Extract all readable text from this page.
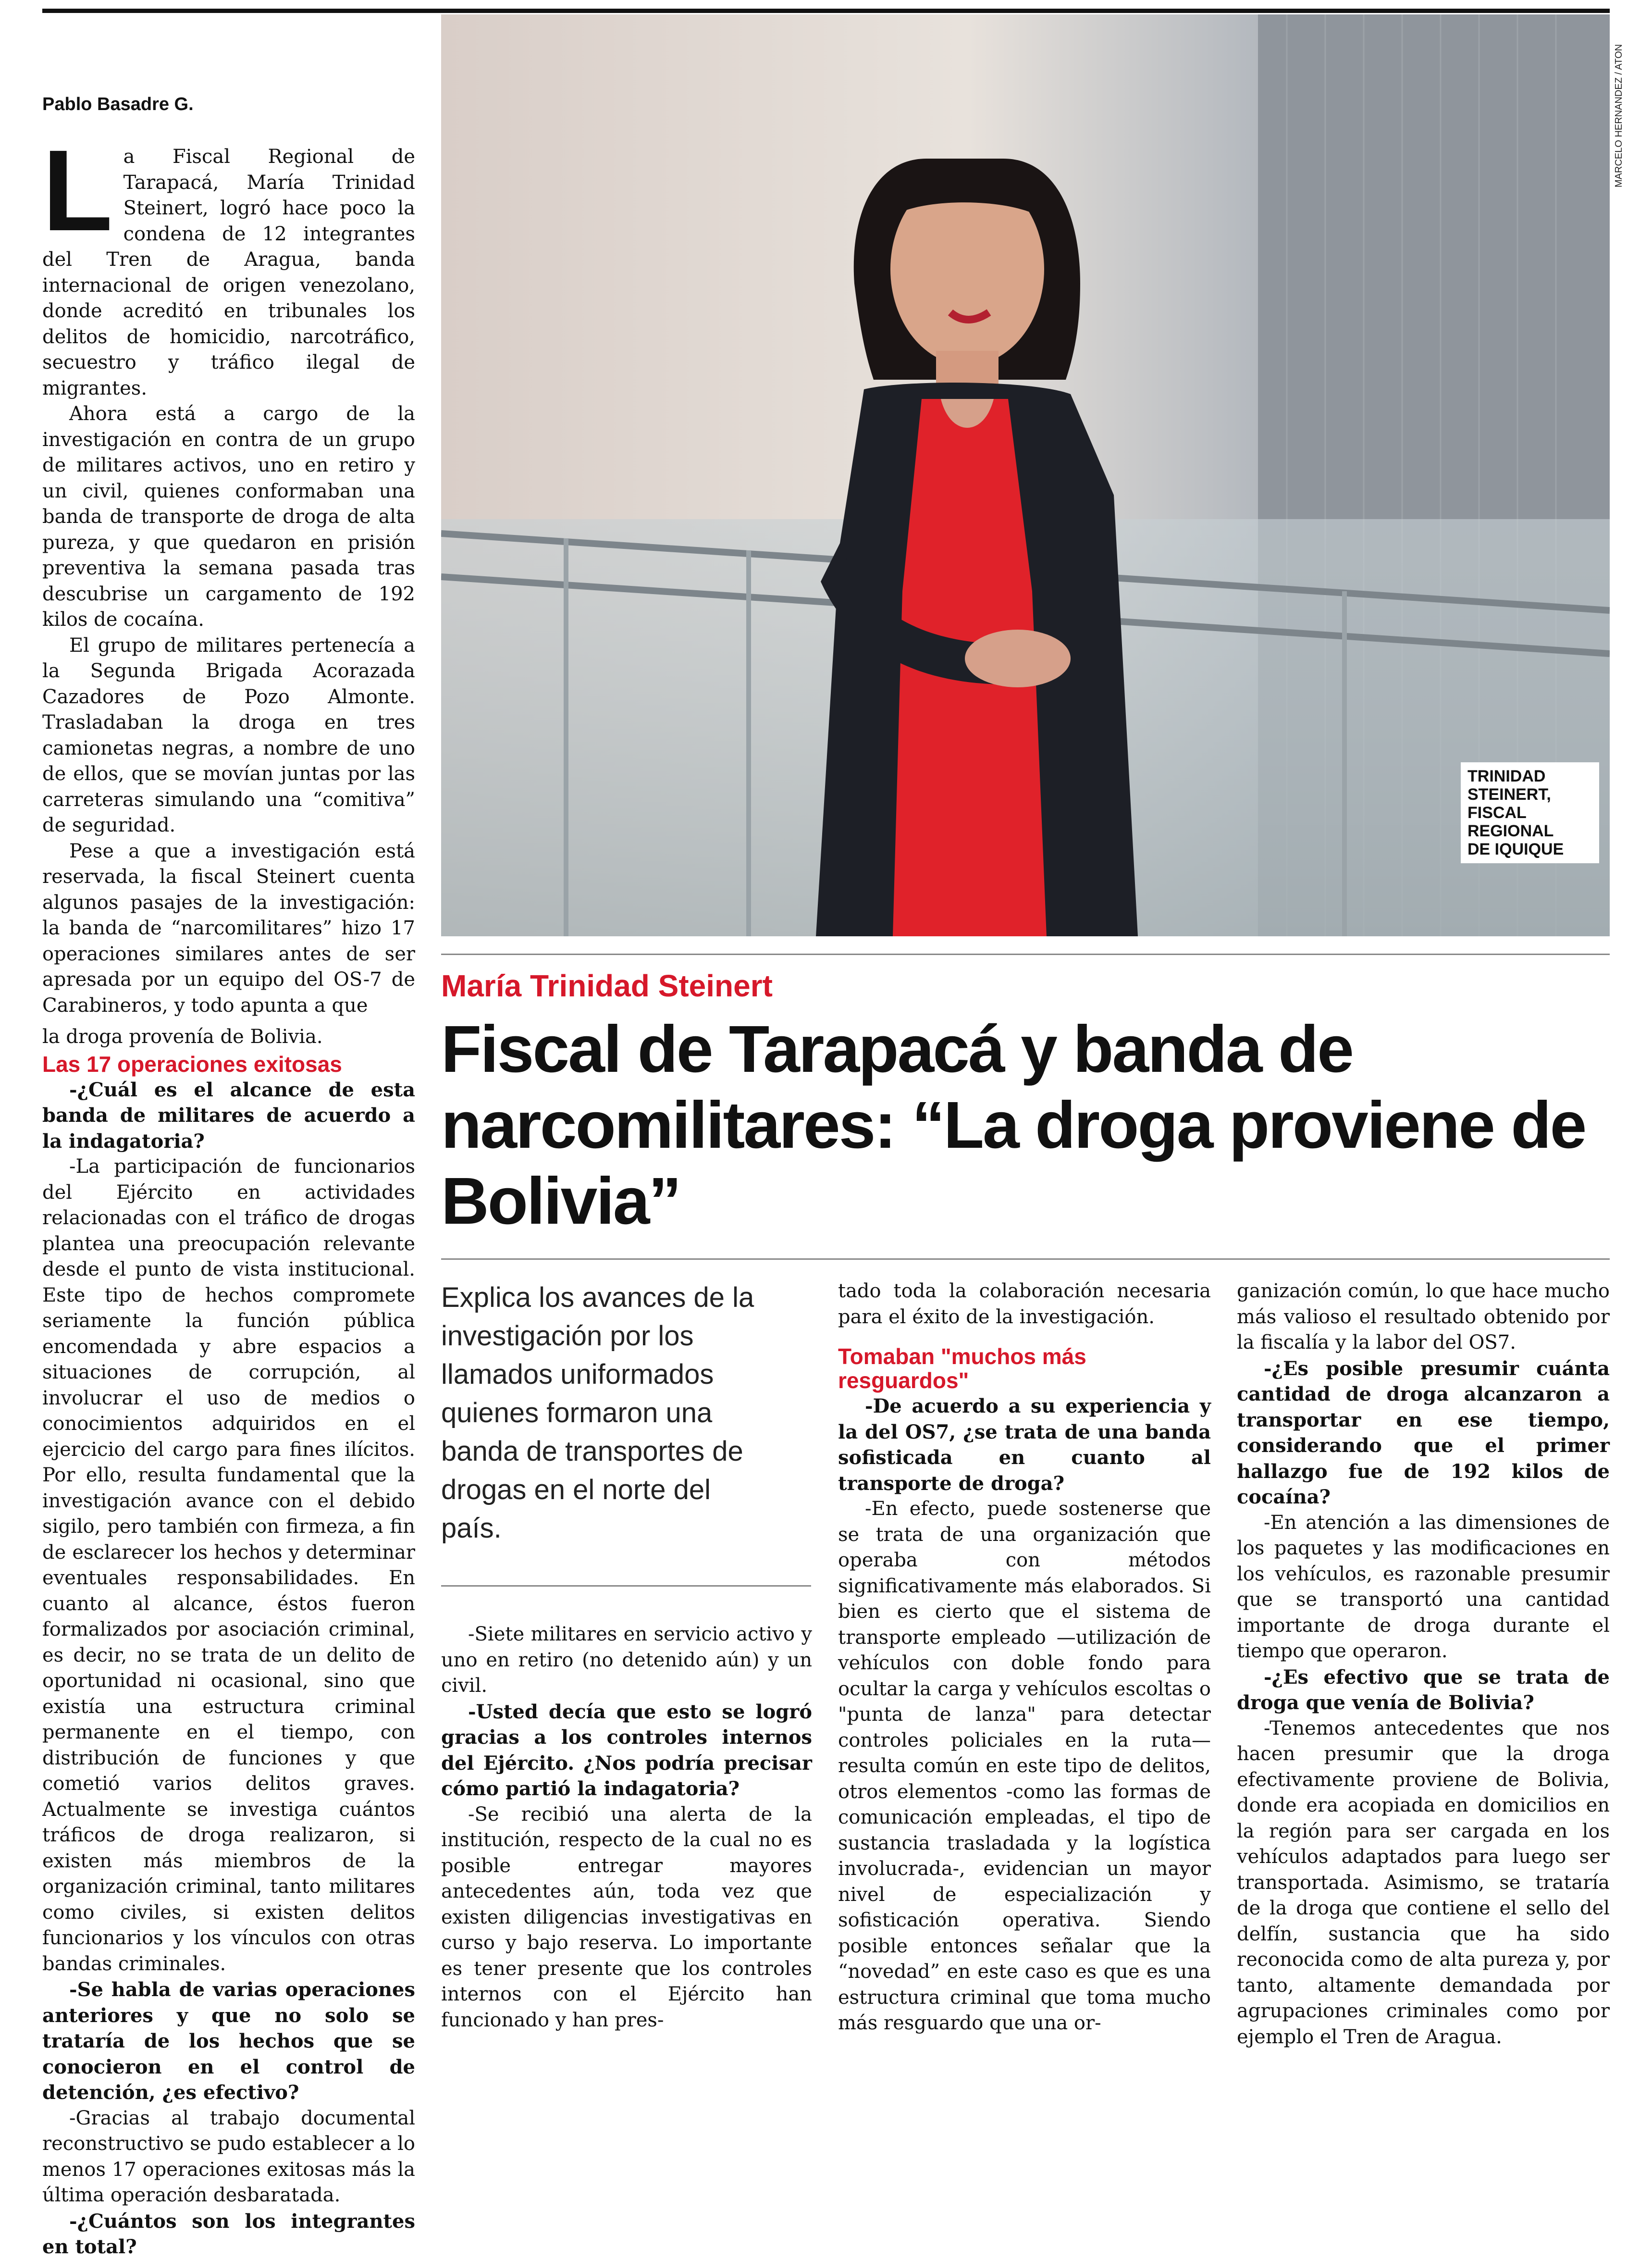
Pablo Basadre G.
L a Fiscal Regional de Tarapacá, María Trinidad Steinert, logró hace poco la condena de 12 integrantes del Tren de Aragua, banda internacional de origen venezolano, donde acreditó en tribunales los delitos de homicidio, narcotráfico, secuestro y tráfico ilegal de migrantes.

Ahora está a cargo de la investigación en contra de un grupo de militares activos, uno en retiro y un civil, quienes conformaban una banda de transporte de droga de alta pureza, y que quedaron en prisión preventiva la semana pasada tras descubrise un cargamento de 192 kilos de cocaína.

El grupo de militares pertenecía a la Segunda Brigada Acorazada Cazadores de Pozo Almonte. Trasladaban la droga en tres camionetas negras, a nombre de uno de ellos, que se movían juntas por las carreteras simulando una “comitiva” de seguridad.

Pese a que a investigación está reservada, la fiscal Steinert cuenta algunos pasajes de la investigación: la banda de “narcomilitares” hizo 17 operaciones similares antes de ser apresada por un equipo del OS-7 de Carabineros, y todo apunta a que

la droga provenía de Bolivia.

Las 17 operaciones exitosas

-¿Cuál es el alcance de esta banda de militares de acuerdo a la indagatoria?

-La participación de funcionarios del Ejército en actividades relacionadas con el tráfico de drogas plantea una preocupación relevante desde el punto de vista institucional. Este tipo de hechos compromete seriamente la función pública encomendada y abre espacios a situaciones de corrupción, al involucrar el uso de medios o conocimientos adquiridos en el ejercicio del cargo para fines ilícitos. Por ello, resulta fundamental que la investigación avance con el debido sigilo, pero también con firmeza, a fin de esclarecer los hechos y determinar eventuales responsabilidades. En cuanto al alcance, éstos fueron formalizados por asociación criminal, es decir, no se trata de un delito de oportunidad ni ocasional, sino que existía una estructura criminal permanente en el tiempo, con distribución de funciones y que cometió varios delitos graves. Actualmente se investiga cuántos tráficos de droga realizaron, si existen más miembros de la organización criminal, tanto militares como civiles, si existen delitos funcionarios y los vínculos con otras bandas criminales.

-Se habla de varias operaciones anteriores y que no solo se trataría de los hechos que se conocieron en el control de detención, ¿es efectivo?

-Gracias al trabajo documental reconstructivo se pudo establecer a lo menos 17 operaciones exitosas más la última operación desbaratada.

-¿Cuántos son los integrantes en total?

MARCELO HERNANDEZ / ATON
TRINIDAD
STEINERT,
FISCAL
REGIONAL
DE IQUIQUE
María Trinidad Steinert
Fiscal de Tarapacá y banda de narcomilitares: “La droga proviene de Bolivia”
Explica los avances de la investigación por los llamados uniformados quienes formaron una banda de transportes de drogas en el norte del país.

-Siete militares en servicio activo y uno en retiro (no detenido aún) y un civil.

-Usted decía que esto se logró gracias a los controles internos del Ejército. ¿Nos podría precisar cómo partió la indagatoria?

-Se recibió una alerta de la institución, respecto de la cual no es posible entregar mayores antecedentes aún, toda vez que existen diligencias investigativas en curso y bajo reserva. Lo importante es tener presente que los controles internos con el Ejército han funcionado y han pres-

tado toda la colaboración necesaria para el éxito de la investigación.

Tomaban "muchos más resguardos"

-De acuerdo a su experiencia y la del OS7, ¿se trata de una banda sofisticada en cuanto al transporte de droga?

-En efecto, puede sostenerse que se trata de una organización que operaba con métodos significativamente más elaborados. Si bien es cierto que el sistema de transporte empleado —utilización de vehículos con doble fondo para ocultar la carga y vehículos escoltas o "punta de lanza" para detectar controles policiales en la ruta— resulta común en este tipo de delitos, otros elementos -como las formas de comunicación empleadas, el tipo de sustancia trasladada y la logística involucrada-, evidencian un mayor nivel de especialización y sofisticación operativa. Siendo posible entonces señalar que la “novedad” en este caso es que es una estructura criminal que toma mucho más resguardo que una or-

ganización común, lo que hace mucho más valioso el resultado obtenido por la fiscalía y la labor del OS7.

-¿Es posible presumir cuánta cantidad de droga alcanzaron a transportar en ese tiempo, considerando que el primer hallazgo fue de 192 kilos de cocaína?

-En atención a las dimensiones de los paquetes y las modificaciones en los vehículos, es razonable presumir que se transportó una cantidad importante de droga durante el tiempo que operaron.

-¿Es efectivo que se trata de droga que venía de Bolivia?

-Tenemos antecedentes que nos hacen presumir que la droga efectivamente proviene de Bolivia, donde era acopiada en domicilios en la región para ser cargada en los vehículos adaptados para luego ser transportada. Asimismo, se trataría de la droga que contiene el sello del delfín, sustancia que ha sido reconocida como de alta pureza y, por tanto, altamente demandada por agrupaciones criminales como por ejemplo el Tren de Aragua.
